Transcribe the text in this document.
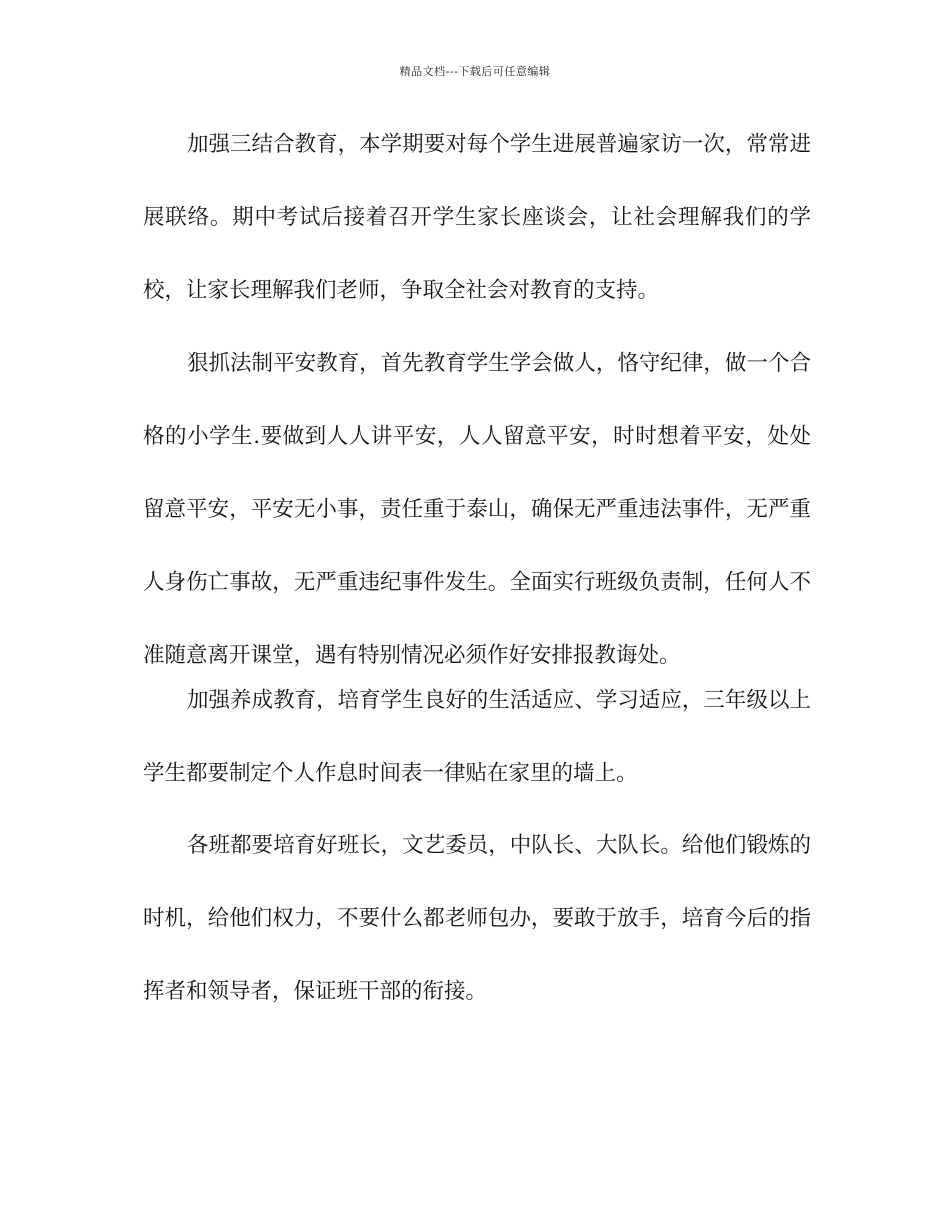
精品文档---下载后可任意编辑

加强三结合教育，本学期要对每个学生进展普遍家访一次，常常进展联络。期中考试后接着召开学生家长座谈会，让社会理解我们的学校，让家长理解我们老师，争取全社会对教育的支持。

狠抓法制平安教育，首先教育学生学会做人，恪守纪律，做一个合格的小学生.要做到人人讲平安，人人留意平安，时时想着平安，处处留意平安，平安无小事，责任重于泰山，确保无严重违法事件，无严重人身伤亡事故，无严重违纪事件发生。全面实行班级负责制，任何人不准随意离开课堂，遇有特别情况必须作好安排报教诲处。

加强养成教育，培育学生良好的生活适应、学习适应，三年级以上学生都要制定个人作息时间表一律贴在家里的墙上。

各班都要培育好班长，文艺委员，中队长、大队长。给他们锻炼的时机，给他们权力，不要什么都老师包办，要敢于放手，培育今后的指挥者和领导者，保证班干部的衔接。
